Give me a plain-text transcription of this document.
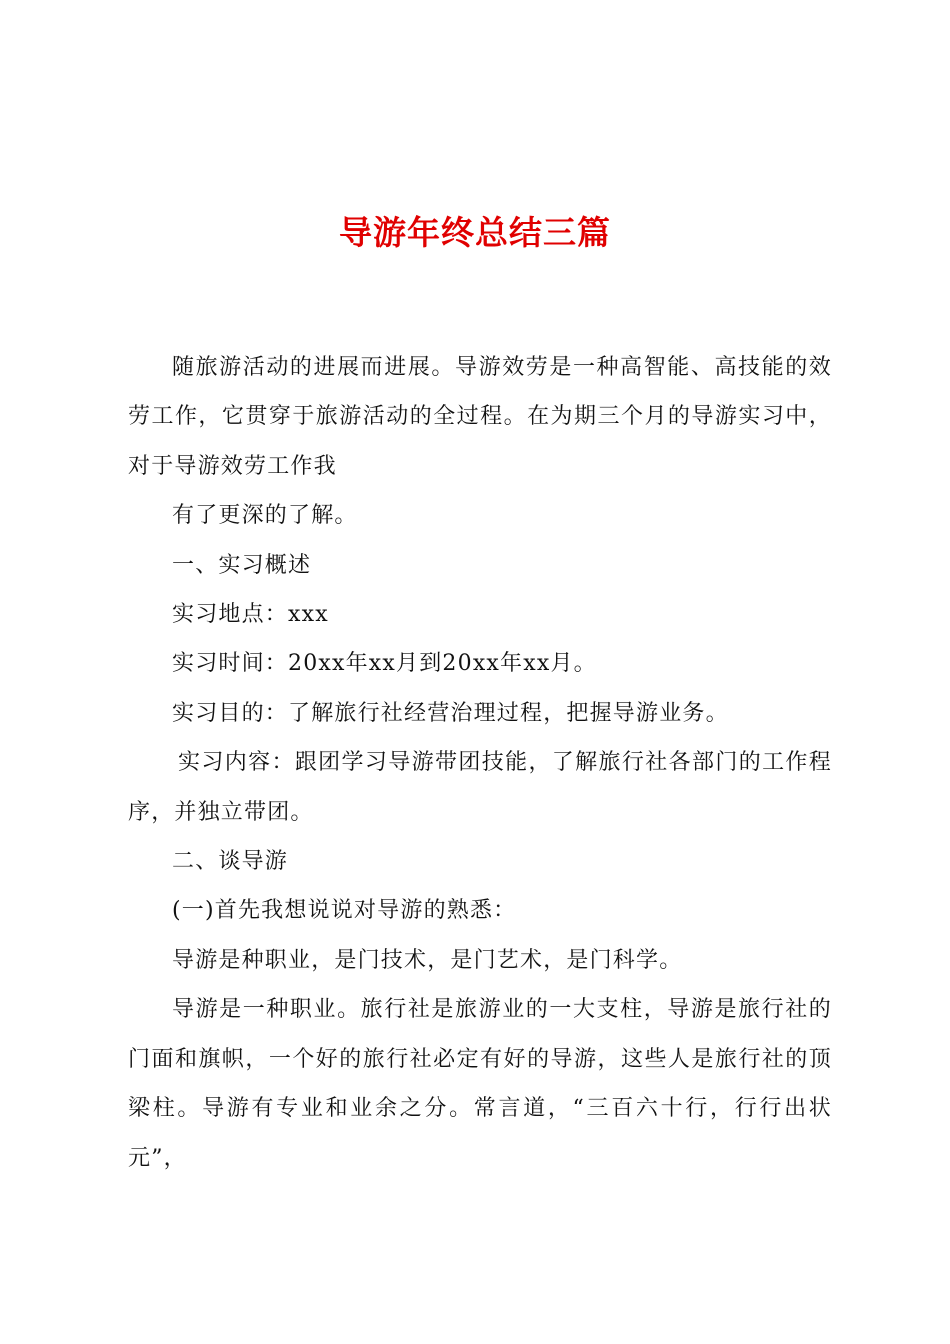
导游年终总结三篇

随旅游活动的进展而进展。导游效劳是一种高智能、高技能的效劳工作，它贯穿于旅游活动的全过程。在为期三个月的导游实习中，对于导游效劳工作我

有了更深的了解。

一、实习概述

实习地点：xxx

实习时间：20xx年xx月到20xx年xx月。

实习目的：了解旅行社经营治理过程，把握导游业务。

实习内容：跟团学习导游带团技能，了解旅行社各部门的工作程序，并独立带团。

二、谈导游

(一)首先我想说说对导游的熟悉：

导游是种职业，是门技术，是门艺术，是门科学。

导游是一种职业。旅行社是旅游业的一大支柱，导游是旅行社的门面和旗帜，一个好的旅行社必定有好的导游，这些人是旅行社的顶梁柱。导游有专业和业余之分。常言道，“三百六十行，行行出状元”，
